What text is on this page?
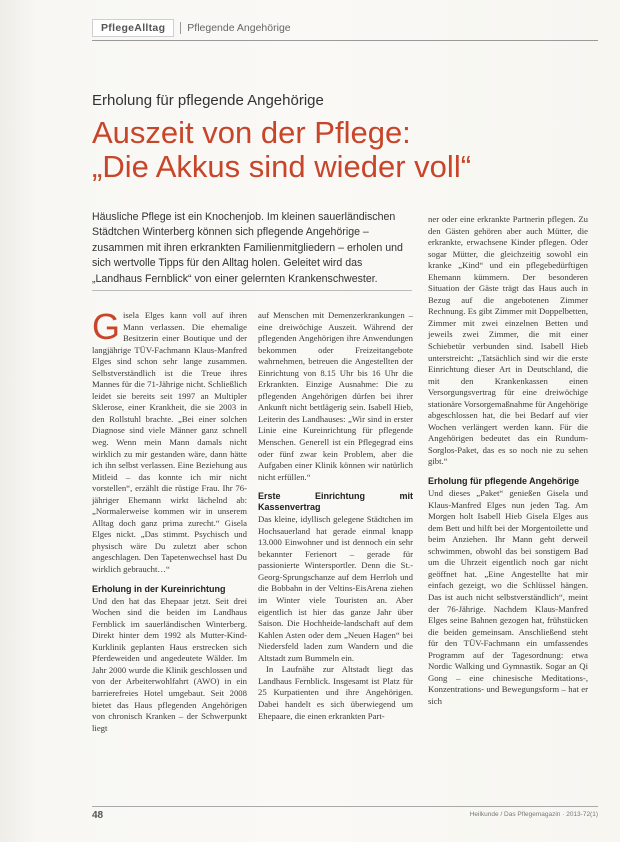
PflegeAlltag	Pflegende Angehörige
Erholung für pflegende Angehörige
Auszeit von der Pflege:
„Die Akkus sind wieder voll“
Häusliche Pflege ist ein Knochenjob. Im kleinen sauerländischen Städtchen Winterberg können sich pflegende Angehörige – zusammen mit ihren erkrankten Familienmitgliedern – erholen und sich wertvolle Tipps für den Alltag holen. Geleitet wird das „Landhaus Fernblick“ von einer gelernten Krankenschwester.

Gisela Elges kann voll auf ihren Mann verlassen. Die ehemalige Besitzerin einer Boutique und der langjährige TÜV-Fachmann Klaus-Manfred Elges sind schon sehr lange zusammen. Selbstverständlich ist die Treue ihres Mannes für die 71-Jährige nicht. Schließlich leidet sie bereits seit 1997 an Multipler Sklerose, einer Krankheit, die sie 2003 in den Rollstuhl brachte. „Bei einer solchen Diagnose sind viele Männer ganz schnell weg. Wenn mein Mann damals nicht wirklich zu mir gestanden wäre, dann hätte ich ihn selbst verlassen. Eine Beziehung aus Mitleid – das konnte ich mir nicht vorstellen“, erzählt die rüstige Frau. Ihr 76-jähriger Ehemann wirkt lächelnd ab: „Normalerweise kommen wir in unserem Alltag doch ganz prima zurecht.“ Gisela Elges nickt. „Das stimmt. Psychisch und physisch wäre Du zuletzt aber schon angeschlagen. Den Tapetenwechsel hast Du wirklich gebraucht…“

Erholung in der Kureinrichtung

Und den hat das Ehepaar jetzt. Seit drei Wochen sind die beiden im Landhaus Fernblick im sauerländischen Winterberg. Direkt hinter dem 1992 als Mutter-Kind-Kurklinik geplanten Haus erstrecken sich Pferdeweiden und angedeutete Wälder. Im Jahr 2000 wurde die Klinik geschlossen und von der Arbeiterwohlfahrt (AWO) in ein barrierefreies Hotel umgebaut. Seit 2008 bietet das Haus pflegenden Angehörigen von chronisch Kranken – der Schwerpunkt liegt

auf Menschen mit Demenzerkrankungen – eine dreiwöchige Auszeit. Während der pflegenden Angehörigen ihre Anwendungen bekommen oder Freizeitangebote wahrnehmen, betreuen die Angestellten der Einrichtung von 8.15 Uhr bis 16 Uhr die Erkrankten. Einzige Ausnahme: Die zu pflegenden Angehörigen dürfen bei ihrer Ankunft nicht bettlägerig sein. Isabell Hieb, Leiterin des Landhauses: „Wir sind in erster Linie eine Kureinrichtung für pflegende Menschen. Generell ist ein Pflegegrad eins oder fünf zwar kein Problem, aber die Aufgaben einer Klinik können wir natürlich nicht erfüllen.“

Erste Einrichtung mit Kassenvertrag

Das kleine, idyllisch gelegene Städtchen im Hochsauerland hat gerade einmal knapp 13.000 Einwohner und ist dennoch ein sehr bekannter Ferienort – gerade für passionierte Wintersportler. Denn die St.-Georg-Sprungschanze auf dem Herrloh und die Bobbahn in der Veltins-EisArena ziehen im Winter viele Touristen an. Aber eigentlich ist hier das ganze Jahr über Saison. Die Hochheide-landschaft auf dem Kahlen Asten oder dem „Neuen Hagen“ bei Niedersfeld laden zum Wandern und die Altstadt zum Bummeln ein.

In Laufnähe zur Altstadt liegt das Landhaus Fernblick. Insgesamt ist Platz für 25 Kurpatienten und ihre Angehörigen. Dabei handelt es sich überwiegend um Ehepaare, die einen erkrankten Part-

ner oder eine erkrankte Partnerin pflegen. Zu den Gästen gehören aber auch Mütter, die erkrankte, erwachsene Kinder pflegen. Oder sogar Mütter, die gleichzeitig sowohl ein kranke „Kind“ und ein pflegebedürftigen Ehemann kümmern. Der besonderen Situation der Gäste trägt das Haus auch in Bezug auf die angebotenen Zimmer Rechnung. Es gibt Zimmer mit Doppelbetten, Zimmer mit zwei einzelnen Betten und jeweils zwei Zimmer, die mit einer Schiebetür verbunden sind. Isabell Hieb unterstreicht: „Tatsächlich sind wir die erste Einrichtung dieser Art in Deutschland, die mit den Krankenkassen einen Versorgungsvertrag für eine dreiwöchige stationäre Vorsorgemaßnahme für Angehörige abgeschlossen hat, die bei Bedarf auf vier Wochen verlängert werden kann. Für die Angehörigen bedeutet das ein Rundum-Sorglos-Paket, das es so noch nie zu sehen gibt.“

Erholung für pflegende Angehörige

Und dieses „Paket“ genießen Gisela und Klaus-Manfred Elges nun jeden Tag. Am Morgen holt Isabell Hieb Gisela Elges aus dem Bett und hilft bei der Morgentoilette und beim Anziehen. Ihr Mann geht derweil schwimmen, obwohl das bei sonstigem Bad um die Uhrzeit eigentlich noch gar nicht geöffnet hat. „Eine Angestellte hat mir einfach gezeigt, wo die Schlüssel hängen. Das ist auch nicht selbstverständlich“, meint der 76-Jährige. Nachdem Klaus-Manfred Elges seine Bahnen gezogen hat, frühstücken die beiden gemeinsam. Anschließend steht für den TÜV-Fachmann ein umfassendes Programm auf der Tagesordnung: etwa Nordic Walking und Gymnastik. Sogar an Qi Gong – eine chinesische Meditations-, Konzentrations- und Bewegungsform – hat er sich

48	Heilkunde / Das Pflegemagazin · 2013-72(1)
